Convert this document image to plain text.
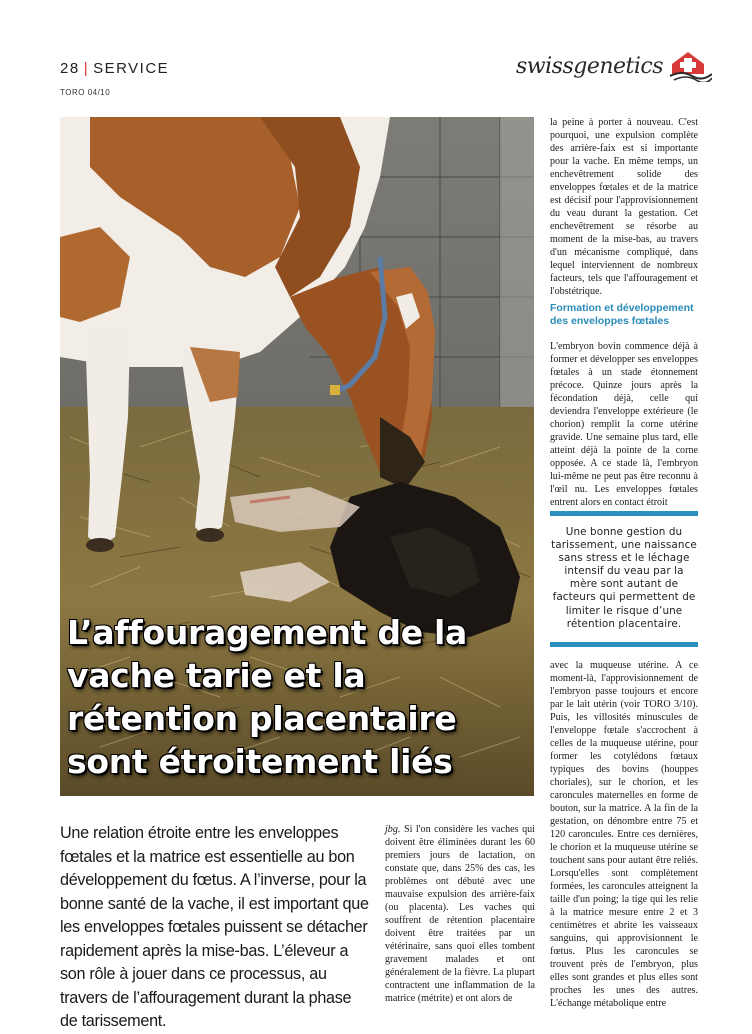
28 | SERVICE
TORO 04/10
swissgenetics
L’affouragement de la vache tarie et la rétention placentaire sont étroitement liés

Une relation étroite entre les enveloppes fœtales et la matrice est essentielle au bon développement du fœtus. A l’inverse, pour la bonne santé de la vache, il est important que les enveloppes fœtales puissent se détacher rapidement après la mise-bas. L’éleveur a son rôle à jouer dans ce processus, au travers de l’affouragement durant la phase de tarissement.

jbg. Si l'on considère les vaches qui doivent être éliminées durant les 60 premiers jours de lactation, on constate que, dans 25% des cas, les problèmes ont débuté avec une mauvaise expulsion des arrière-faix (ou placenta). Les vaches qui souffrent de rétention placentaire doivent être traitées par un vétérinaire, sans quoi elles tombent gravement malades et ont généralement de la fièvre. La plupart contractent une inflammation de la matrice (métrite) et ont alors de

la peine à porter à nouveau. C'est pourquoi, une expulsion complète des arrière-faix est si importante pour la vache. En même temps, un enchevêtrement solide des enveloppes fœtales et de la matrice est décisif pour l'approvisionnement du veau durant la gestation. Cet enchevêtrement se résorbe au moment de la mise-bas, au travers d'un mécanisme compliqué, dans lequel interviennent de nombreux facteurs, tels que l'affouragement et l'obstétrique.

Formation et développement des enveloppes fœtales

L'embryon bovin commence déjà à former et développer ses enveloppes fœtales à un stade étonnement précoce. Quinze jours après la fécondation déjà, celle qui deviendra l'enveloppe extérieure (le chorion) remplit la corne utérine gravide. Une semaine plus tard, elle atteint déjà la pointe de la corne opposée. A ce stade là, l'embryon lui-même ne peut pas être reconnu à l'œil nu. Les enveloppes fœtales entrent alors en contact étroit

Une bonne gestion du tarissement, une naissance sans stress et le léchage intensif du veau par la mère sont autant de facteurs qui permettent de limiter le risque d’une rétention placentaire.

avec la muqueuse utérine. A ce moment-là, l'approvisionnement de l'embryon passe toujours et encore par le lait utérin (voir TORO 3/10). Puis, les villosités minuscules de l'enveloppe fœtale s'accrochent à celles de la muqueuse utérine, pour former les cotylédons fœtaux typiques des bovins (houppes choriales), sur le chorion, et les caroncules maternelles en forme de bouton, sur la matrice. A la fin de la gestation, on dénombre entre 75 et 120 caroncules. Entre ces dernières, le chorion et la muqueuse utérine se touchent sans pour autant être reliés. Lorsqu'elles sont complètement formées, les caroncules atteignent la taille d'un poing; la tige qui les relie à la matrice mesure entre 2 et 3 centimètres et abrite les vaisseaux sanguins, qui approvisionnent le fœtus. Plus les caroncules se trouvent près de l'embryon, plus elles sont grandes et plus elles sont proches les unes des autres. L'échange métabolique entre
